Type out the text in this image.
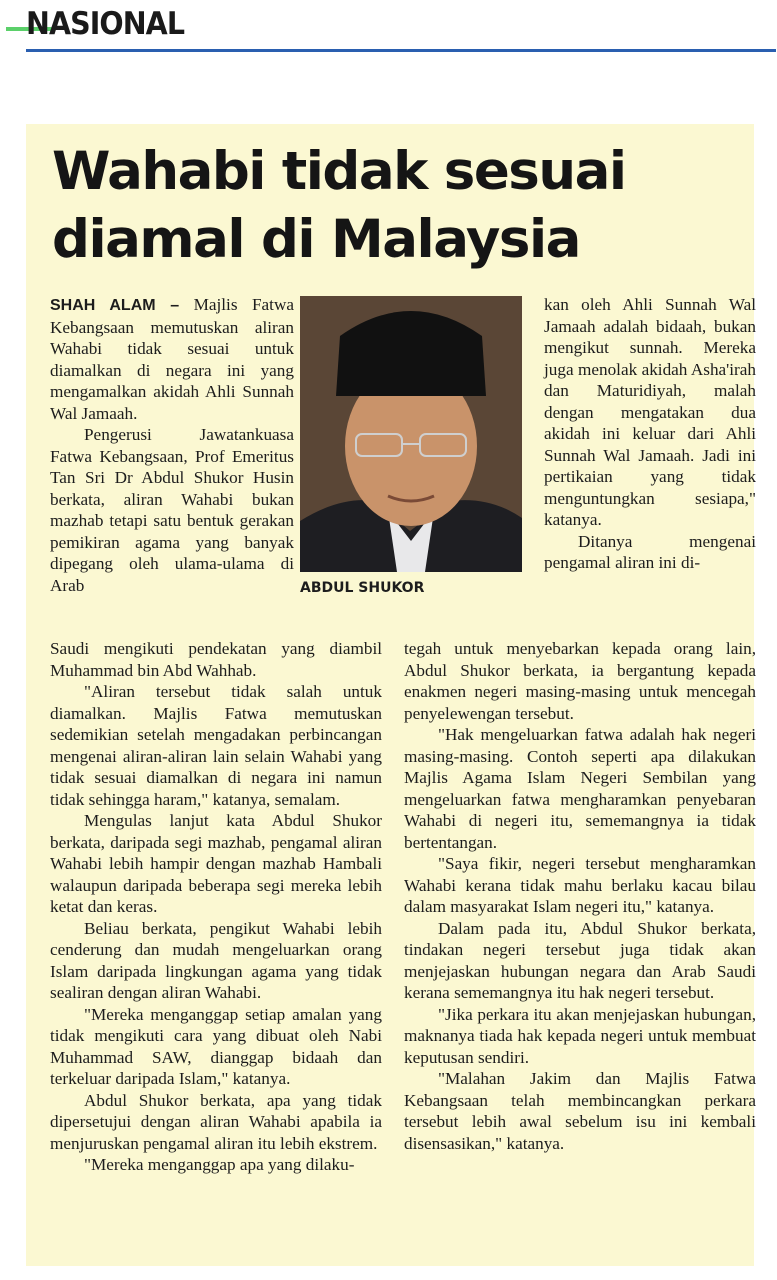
NASIONAL
Wahabi tidak sesuai diamal di Malaysia

SHAH ALAM – Majlis Fatwa Kebangsaan memutuskan aliran Wahabi tidak sesuai untuk diamalkan di negara ini yang mengamalkan akidah Ahli Sunnah Wal Jamaah.

Pengerusi Jawatankuasa Fatwa Kebangsaan, Prof Emeritus Tan Sri Dr Abdul Shukor Husin berkata, aliran Wahabi bukan mazhab tetapi satu bentuk gerakan pemikiran agama yang banyak dipegang oleh ulama-ulama di Arab	ABDUL SHUKOR

kan oleh Ahli Sunnah Wal Jamaah adalah bidaah, bukan mengikut sunnah. Mereka juga menolak akidah Asha'irah dan Maturidiyah, malah dengan mengatakan dua akidah ini keluar dari Ahli Sunnah Wal Jamaah. Jadi ini pertikaian yang tidak menguntungkan sesiapa," katanya.

Ditanya mengenai pengamal aliran ini di-

Saudi mengikuti pendekatan yang diambil Muhammad bin Abd Wahhab.

"Aliran tersebut tidak salah untuk diamalkan. Majlis Fatwa memutuskan sedemikian setelah mengadakan perbincangan mengenai aliran-aliran lain selain Wahabi yang tidak sesuai diamalkan di negara ini namun tidak sehingga haram," katanya, semalam.

Mengulas lanjut kata Abdul Shukor berkata, daripada segi mazhab, pengamal aliran Wahabi lebih hampir dengan mazhab Hambali walaupun daripada beberapa segi mereka lebih ketat dan keras.

Beliau berkata, pengikut Wahabi lebih cenderung dan mudah mengeluarkan orang Islam daripada lingkungan agama yang tidak sealiran dengan aliran Wahabi.

"Mereka menganggap setiap amalan yang tidak mengikuti cara yang dibuat oleh Nabi Muhammad SAW, dianggap bidaah dan terkeluar daripada Islam," katanya.

Abdul Shukor berkata, apa yang tidak dipersetujui dengan aliran Wahabi apabila ia menjuruskan pengamal aliran itu lebih ekstrem.

"Mereka menganggap apa yang dilaku-

tegah untuk menyebarkan kepada orang lain, Abdul Shukor berkata, ia bergantung kepada enakmen negeri masing-masing untuk mencegah penyelewengan tersebut.

"Hak mengeluarkan fatwa adalah hak negeri masing-masing. Contoh seperti apa dilakukan Majlis Agama Islam Negeri Sembilan yang mengeluarkan fatwa mengharamkan penyebaran Wahabi di negeri itu, sememangnya ia tidak bertentangan.

"Saya fikir, negeri tersebut mengharamkan Wahabi kerana tidak mahu berlaku kacau bilau dalam masyarakat Islam negeri itu," katanya.

Dalam pada itu, Abdul Shukor berkata, tindakan negeri tersebut juga tidak akan menjejaskan hubungan negara dan Arab Saudi kerana sememangnya itu hak negeri tersebut.

"Jika perkara itu akan menjejaskan hubungan, maknanya tiada hak kepada negeri untuk membuat keputusan sendiri.

"Malahan Jakim dan Majlis Fatwa Kebangsaan telah membincangkan perkara tersebut lebih awal sebelum isu ini kembali disensasikan," katanya.
